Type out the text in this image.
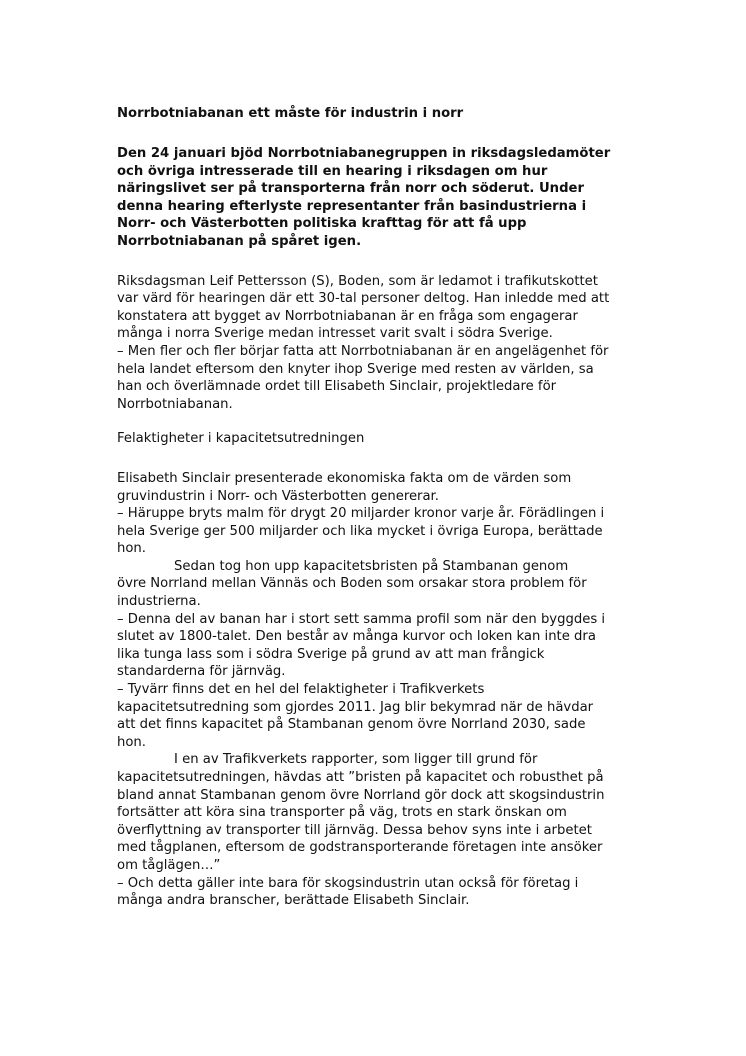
Norrbotniabanan ett måste för industrin i norr
Den 24 januari bjöd Norrbotniabanegruppen in riksdagsledamöter
och övriga intresserade till en hearing i riksdagen om hur
näringslivet ser på transporterna från norr och söderut. Under
denna hearing efterlyste representanter från basindustrierna i
Norr- och Västerbotten politiska krafttag för att få upp
Norrbotniabanan på spåret igen.
Riksdagsman Leif Pettersson (S), Boden, som är ledamot i trafikutskottet
var värd för hearingen där ett 30-tal personer deltog. Han inledde med att
konstatera att bygget av Norrbotniabanan är en fråga som engagerar
många i norra Sverige medan intresset varit svalt i södra Sverige.
– Men fler och fler börjar fatta att Norrbotniabanan är en angelägenhet för
hela landet eftersom den knyter ihop Sverige med resten av världen, sa
han och överlämnade ordet till Elisabeth Sinclair, projektledare för
Norrbotniabanan.
Felaktigheter i kapacitetsutredningen
Elisabeth Sinclair presenterade ekonomiska fakta om de värden som
gruvindustrin i Norr- och Västerbotten genererar.
– Häruppe bryts malm för drygt 20 miljarder kronor varje år. Förädlingen i
hela Sverige ger 500 miljarder och lika mycket i övriga Europa, berättade
hon.
Sedan tog hon upp kapacitetsbristen på Stambanan genom
övre Norrland mellan Vännäs och Boden som orsakar stora problem för
industrierna.
– Denna del av banan har i stort sett samma profil som när den byggdes i
slutet av 1800-talet. Den består av många kurvor och loken kan inte dra
lika tunga lass som i södra Sverige på grund av att man frångick
standarderna för järnväg.
– Tyvärr finns det en hel del felaktigheter i Trafikverkets
kapacitetsutredning som gjordes 2011. Jag blir bekymrad när de hävdar
att det finns kapacitet på Stambanan genom övre Norrland 2030, sade
hon.
I en av Trafikverkets rapporter, som ligger till grund för
kapacitetsutredningen, hävdas att ”bristen på kapacitet och robusthet på
bland annat Stambanan genom övre Norrland gör dock att skogsindustrin
fortsätter att köra sina transporter på väg, trots en stark önskan om
överflyttning av transporter till järnväg. Dessa behov syns inte i arbetet
med tågplanen, eftersom de godstransporterande företagen inte ansöker
om tåglägen…”
– Och detta gäller inte bara för skogsindustrin utan också för företag i
många andra branscher, berättade Elisabeth Sinclair.
